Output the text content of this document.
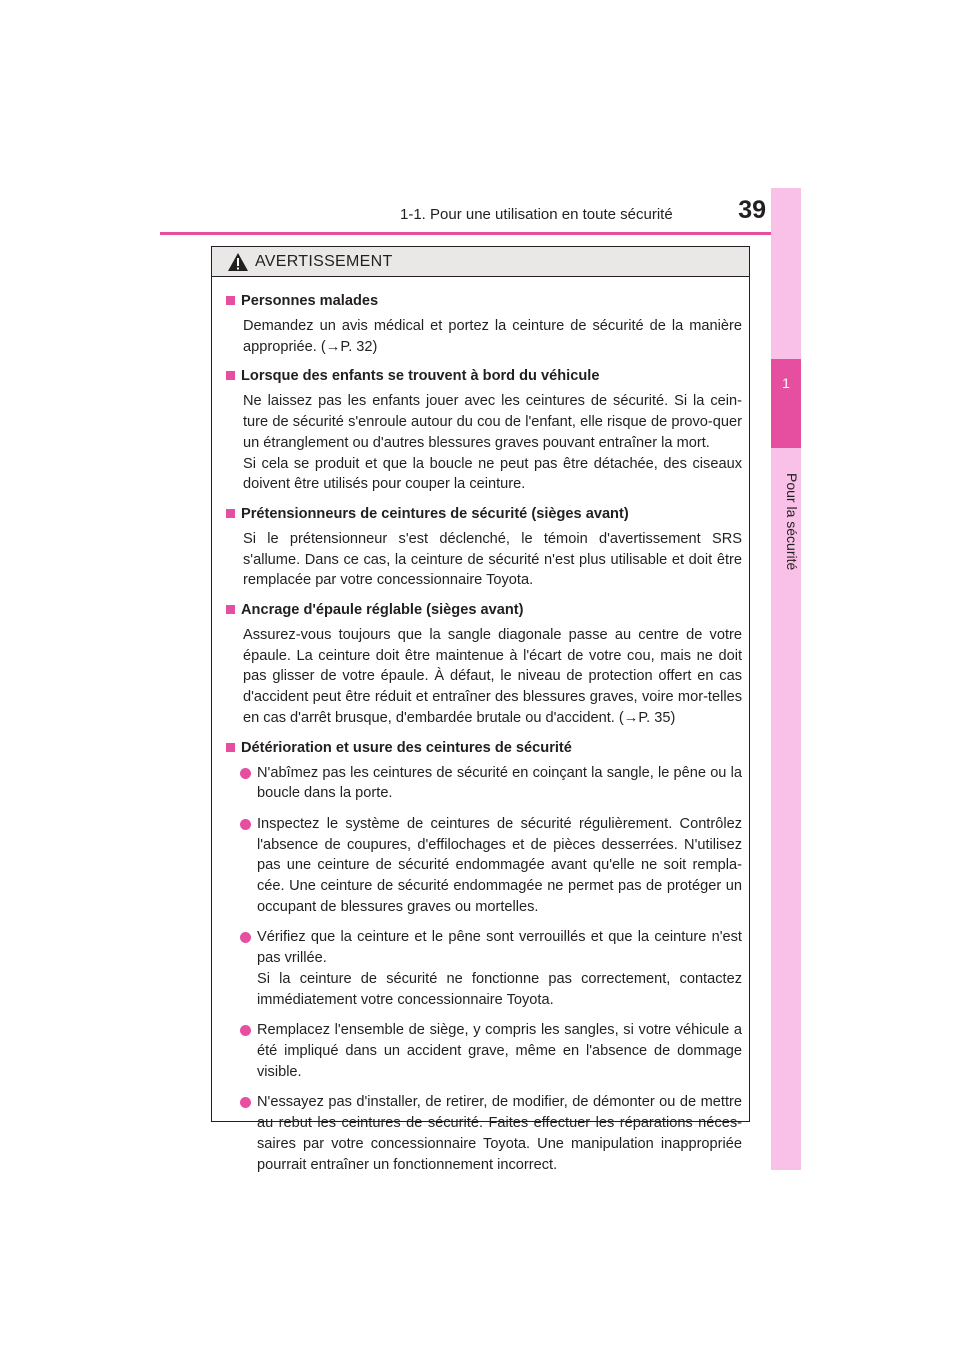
1-1. Pour une utilisation en toute sécurité	39
1
Pour la sécurité
AVERTISSEMENT
Personnes malades

Demandez un avis médical et portez la ceinture de sécurité de la manière appropriée. (→P. 32)

Lorsque des enfants se trouvent à bord du véhicule

Ne laissez pas les enfants jouer avec les ceintures de sécurité. Si la cein-ture de sécurité s'enroule autour du cou de l'enfant, elle risque de provo-quer un étranglement ou d'autres blessures graves pouvant entraîner la mort.

Si cela se produit et que la boucle ne peut pas être détachée, des ciseaux doivent être utilisés pour couper la ceinture.

Prétensionneurs de ceintures de sécurité (sièges avant)

Si le prétensionneur s'est déclenché, le témoin d'avertissement SRS s'allume. Dans ce cas, la ceinture de sécurité n'est plus utilisable et doit être remplacée par votre concessionnaire Toyota.

Ancrage d'épaule réglable (sièges avant)

Assurez-vous toujours que la sangle diagonale passe au centre de votre épaule. La ceinture doit être maintenue à l'écart de votre cou, mais ne doit pas glisser de votre épaule. À défaut, le niveau de protection offert en cas d'accident peut être réduit et entraîner des blessures graves, voire mor-telles en cas d'arrêt brusque, d'embardée brutale ou d'accident. (→P. 35)

Détérioration et usure des ceintures de sécurité

N'abîmez pas les ceintures de sécurité en coinçant la sangle, le pêne ou la boucle dans la porte.

Inspectez le système de ceintures de sécurité régulièrement. Contrôlez l'absence de coupures, d'effilochages et de pièces desserrées. N'utilisez pas une ceinture de sécurité endommagée avant qu'elle ne soit rempla-cée. Une ceinture de sécurité endommagée ne permet pas de protéger un occupant de blessures graves ou mortelles.

Vérifiez que la ceinture et le pêne sont verrouillés et que la ceinture n'est pas vrillée.

Si la ceinture de sécurité ne fonctionne pas correctement, contactez immédiatement votre concessionnaire Toyota.

Remplacez l'ensemble de siège, y compris les sangles, si votre véhicule a été impliqué dans un accident grave, même en l'absence de dommage visible.

N'essayez pas d'installer, de retirer, de modifier, de démonter ou de mettre au rebut les ceintures de sécurité. Faites effectuer les réparations néces-saires par votre concessionnaire Toyota. Une manipulation inappropriée pourrait entraîner un fonctionnement incorrect.
